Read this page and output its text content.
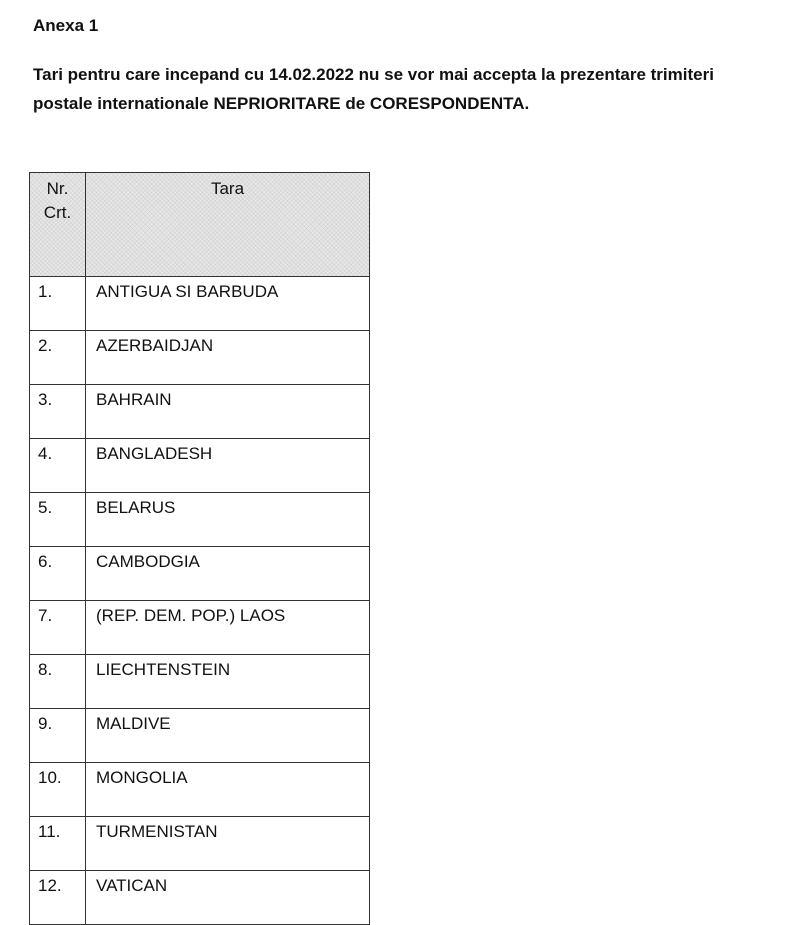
Anexa 1

Tari pentru care incepand cu 14.02.2022 nu se vor mai accepta la prezentare trimiteri postale internationale NEPRIORITARE de CORESPONDENTA.

Nr.
Crt.	Tara
1.	ANTIGUA SI BARBUDA
2.	AZERBAIDJAN
3.	BAHRAIN
4.	BANGLADESH
5.	BELARUS
6.	CAMBODGIA
7.	(REP. DEM. POP.) LAOS
8.	LIECHTENSTEIN
9.	MALDIVE
10.	MONGOLIA
11.	TURMENISTAN
12.	VATICAN
